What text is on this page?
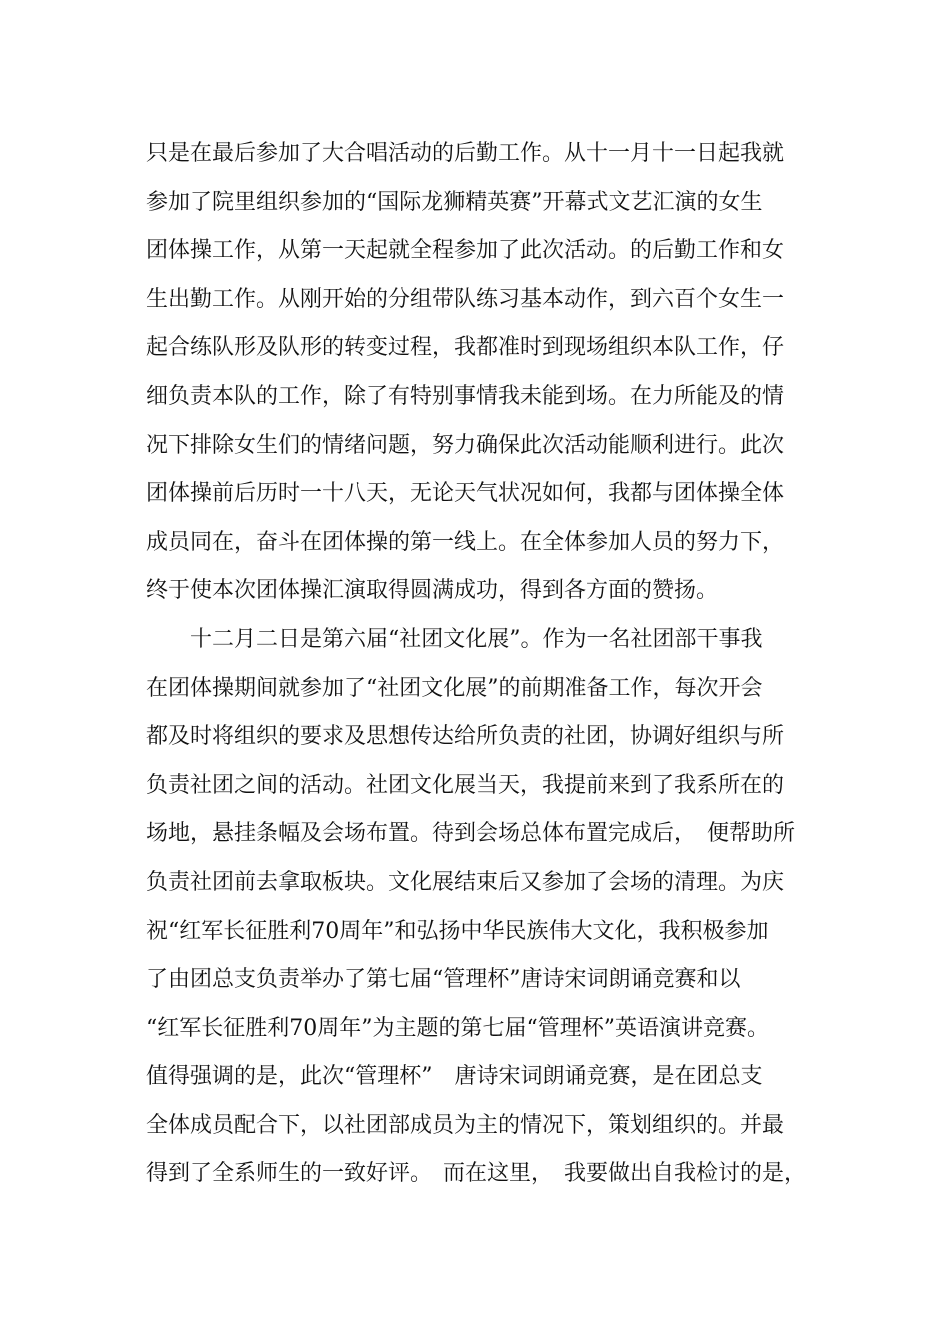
只是在最后参加了大合唱活动的后勤工作。从十一月十一日起我就
参加了院里组织参加的“国际龙狮精英赛”开幕式文艺汇演的女生
团体操工作，从第一天起就全程参加了此次活动。的后勤工作和女
生出勤工作。从刚开始的分组带队练习基本动作，到六百个女生一
起合练队形及队形的转变过程，我都准时到现场组织本队工作，仔
细负责本队的工作，除了有特别事情我未能到场。在力所能及的情
况下排除女生们的情绪问题，努力确保此次活动能顺利进行。此次
团体操前后历时一十八天，无论天气状况如何，我都与团体操全体
成员同在，奋斗在团体操的第一线上。在全体参加人员的努力下，
终于使本次团体操汇演取得圆满成功，得到各方面的赞扬。
　　十二月二日是第六届“社团文化展”。作为一名社团部干事我
在团体操期间就参加了“社团文化展”的前期准备工作，每次开会
都及时将组织的要求及思想传达给所负责的社团，协调好组织与所
负责社团之间的活动。社团文化展当天，我提前来到了我系所在的
场地，悬挂条幅及会场布置。待到会场总体布置完成后，　便帮助所
负责社团前去拿取板块。文化展结束后又参加了会场的清理。为庆
祝“红军长征胜利70周年”和弘扬中华民族伟大文化，我积极参加
了由团总支负责举办了第七届“管理杯”唐诗宋词朗诵竞赛和以
“红军长征胜利70周年”为主题的第七届“管理杯”英语演讲竞赛。
值得强调的是，此次“管理杯”　唐诗宋词朗诵竞赛，是在团总支
全体成员配合下，以社团部成员为主的情况下，策划组织的。并最
得到了全系师生的一致好评。　而在这里，　我要做出自我检讨的是，
